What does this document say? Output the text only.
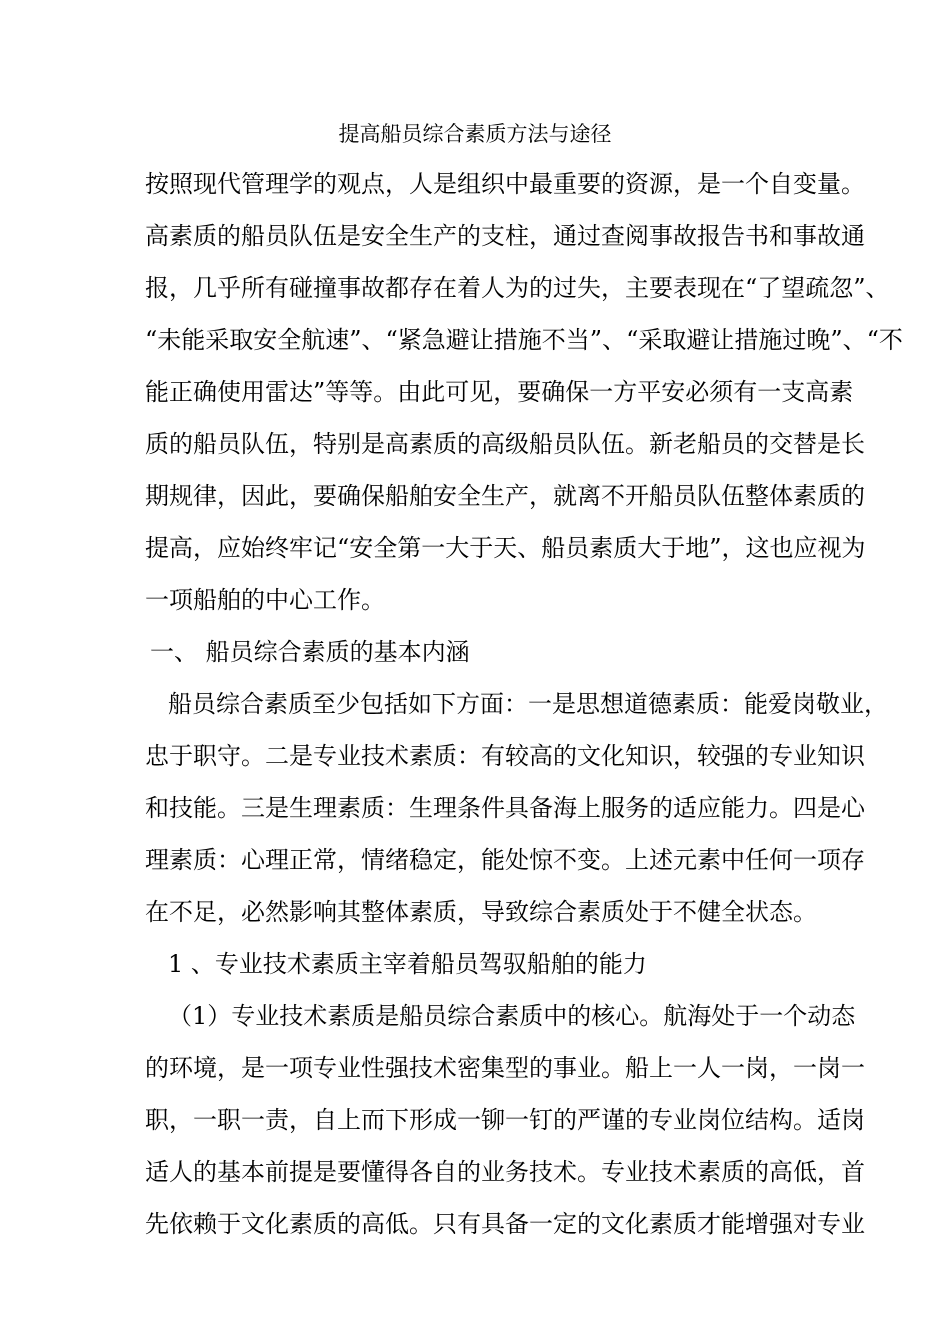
提高船员综合素质方法与途径
按照现代管理学的观点，人是组织中最重要的资源，是一个自变量。
高素质的船员队伍是安全生产的支柱，通过查阅事故报告书和事故通
报，几乎所有碰撞事故都存在着人为的过失，主要表现在“了望疏忽”、
“未能采取安全航速”、“紧急避让措施不当”、“采取避让措施过晚”、“不
能正确使用雷达”等等。由此可见，要确保一方平安必须有一支高素
质的船员队伍，特别是高素质的高级船员队伍。新老船员的交替是长
期规律，因此，要确保船舶安全生产，就离不开船员队伍整体素质的
提高，应始终牢记“安全第一大于天、船员素质大于地”，这也应视为
一项船舶的中心工作。
一、 船员综合素质的基本内涵
船员综合素质至少包括如下方面：一是思想道德素质：能爱岗敬业，
忠于职守。二是专业技术素质：有较高的文化知识，较强的专业知识
和技能。三是生理素质：生理条件具备海上服务的适应能力。四是心
理素质：心理正常，情绪稳定，能处惊不变。上述元素中任何一项存
在不足，必然影响其整体素质，导致综合素质处于不健全状态。
1 、专业技术素质主宰着船员驾驭船舶的能力
（1）专业技术素质是船员综合素质中的核心。航海处于一个动态
的环境，是一项专业性强技术密集型的事业。船上一人一岗，一岗一
职，一职一责，自上而下形成一铆一钉的严谨的专业岗位结构。适岗
适人的基本前提是要懂得各自的业务技术。专业技术素质的高低，首
先依赖于文化素质的高低。只有具备一定的文化素质才能增强对专业
